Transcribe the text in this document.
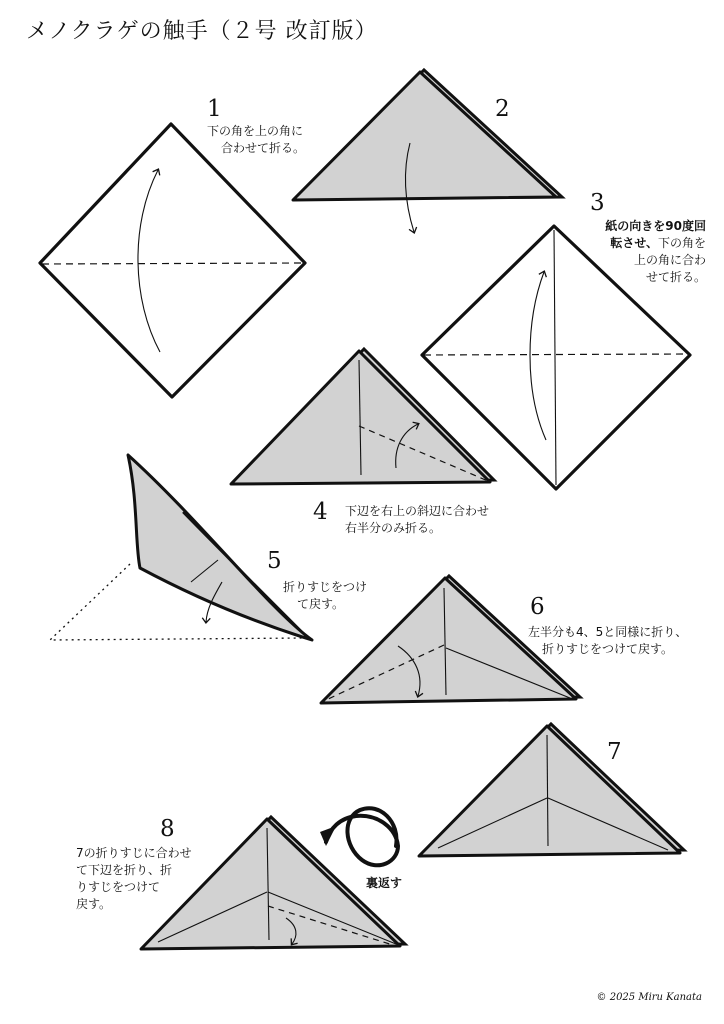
メノクラゲの触手（２号 改訂版）
1
下の角を上の角に
合わせて折る。
2
3
紙の向きを90度回
転させ、下の角を
上の角に合わ
せて折る。
4 下辺を右上の斜辺に合わせ
右半分のみ折る。
5
折りすじをつけ
て戻す。	6
左半分も4、5と同様に折り、
折りすじをつけて戻す。
7
8
7の折りすじに合わせ
て下辺を折り、折
りすじをつけて
戻す。
裏返す
© 2025 Miru Kanata
